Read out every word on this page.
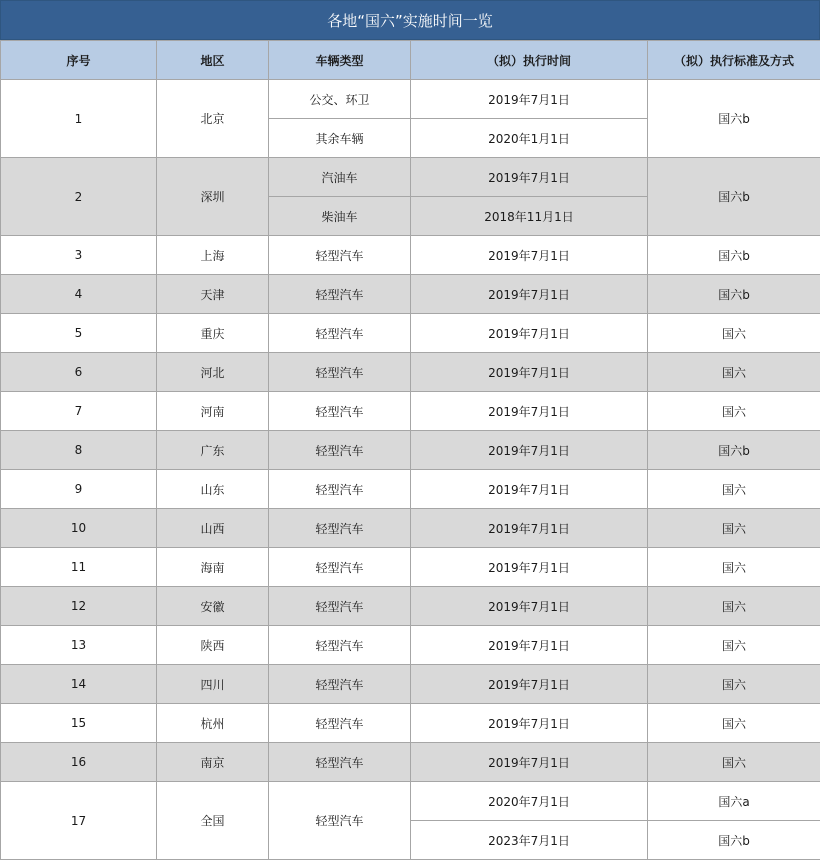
各地“国六”实施时间一览
序号	地区	车辆类型	（拟）执行时间	（拟）执行标准及方式
1	北京	公交、环卫	2019年7月1日	国六b
		其余车辆	2020年1月1日	
2	深圳	汽油车	2019年7月1日	国六b
		柴油车	2018年11月1日	
3	上海	轻型汽车	2019年7月1日	国六b
4	天津	轻型汽车	2019年7月1日	国六b
5	重庆	轻型汽车	2019年7月1日	国六
6	河北	轻型汽车	2019年7月1日	国六
7	河南	轻型汽车	2019年7月1日	国六
8	广东	轻型汽车	2019年7月1日	国六b
9	山东	轻型汽车	2019年7月1日	国六
10	山西	轻型汽车	2019年7月1日	国六
11	海南	轻型汽车	2019年7月1日	国六
12	安徽	轻型汽车	2019年7月1日	国六
13	陕西	轻型汽车	2019年7月1日	国六
14	四川	轻型汽车	2019年7月1日	国六
15	杭州	轻型汽车	2019年7月1日	国六
16	南京	轻型汽车	2019年7月1日	国六
17	全国	轻型汽车	2020年7月1日	国六a
			2023年7月1日	国六b
